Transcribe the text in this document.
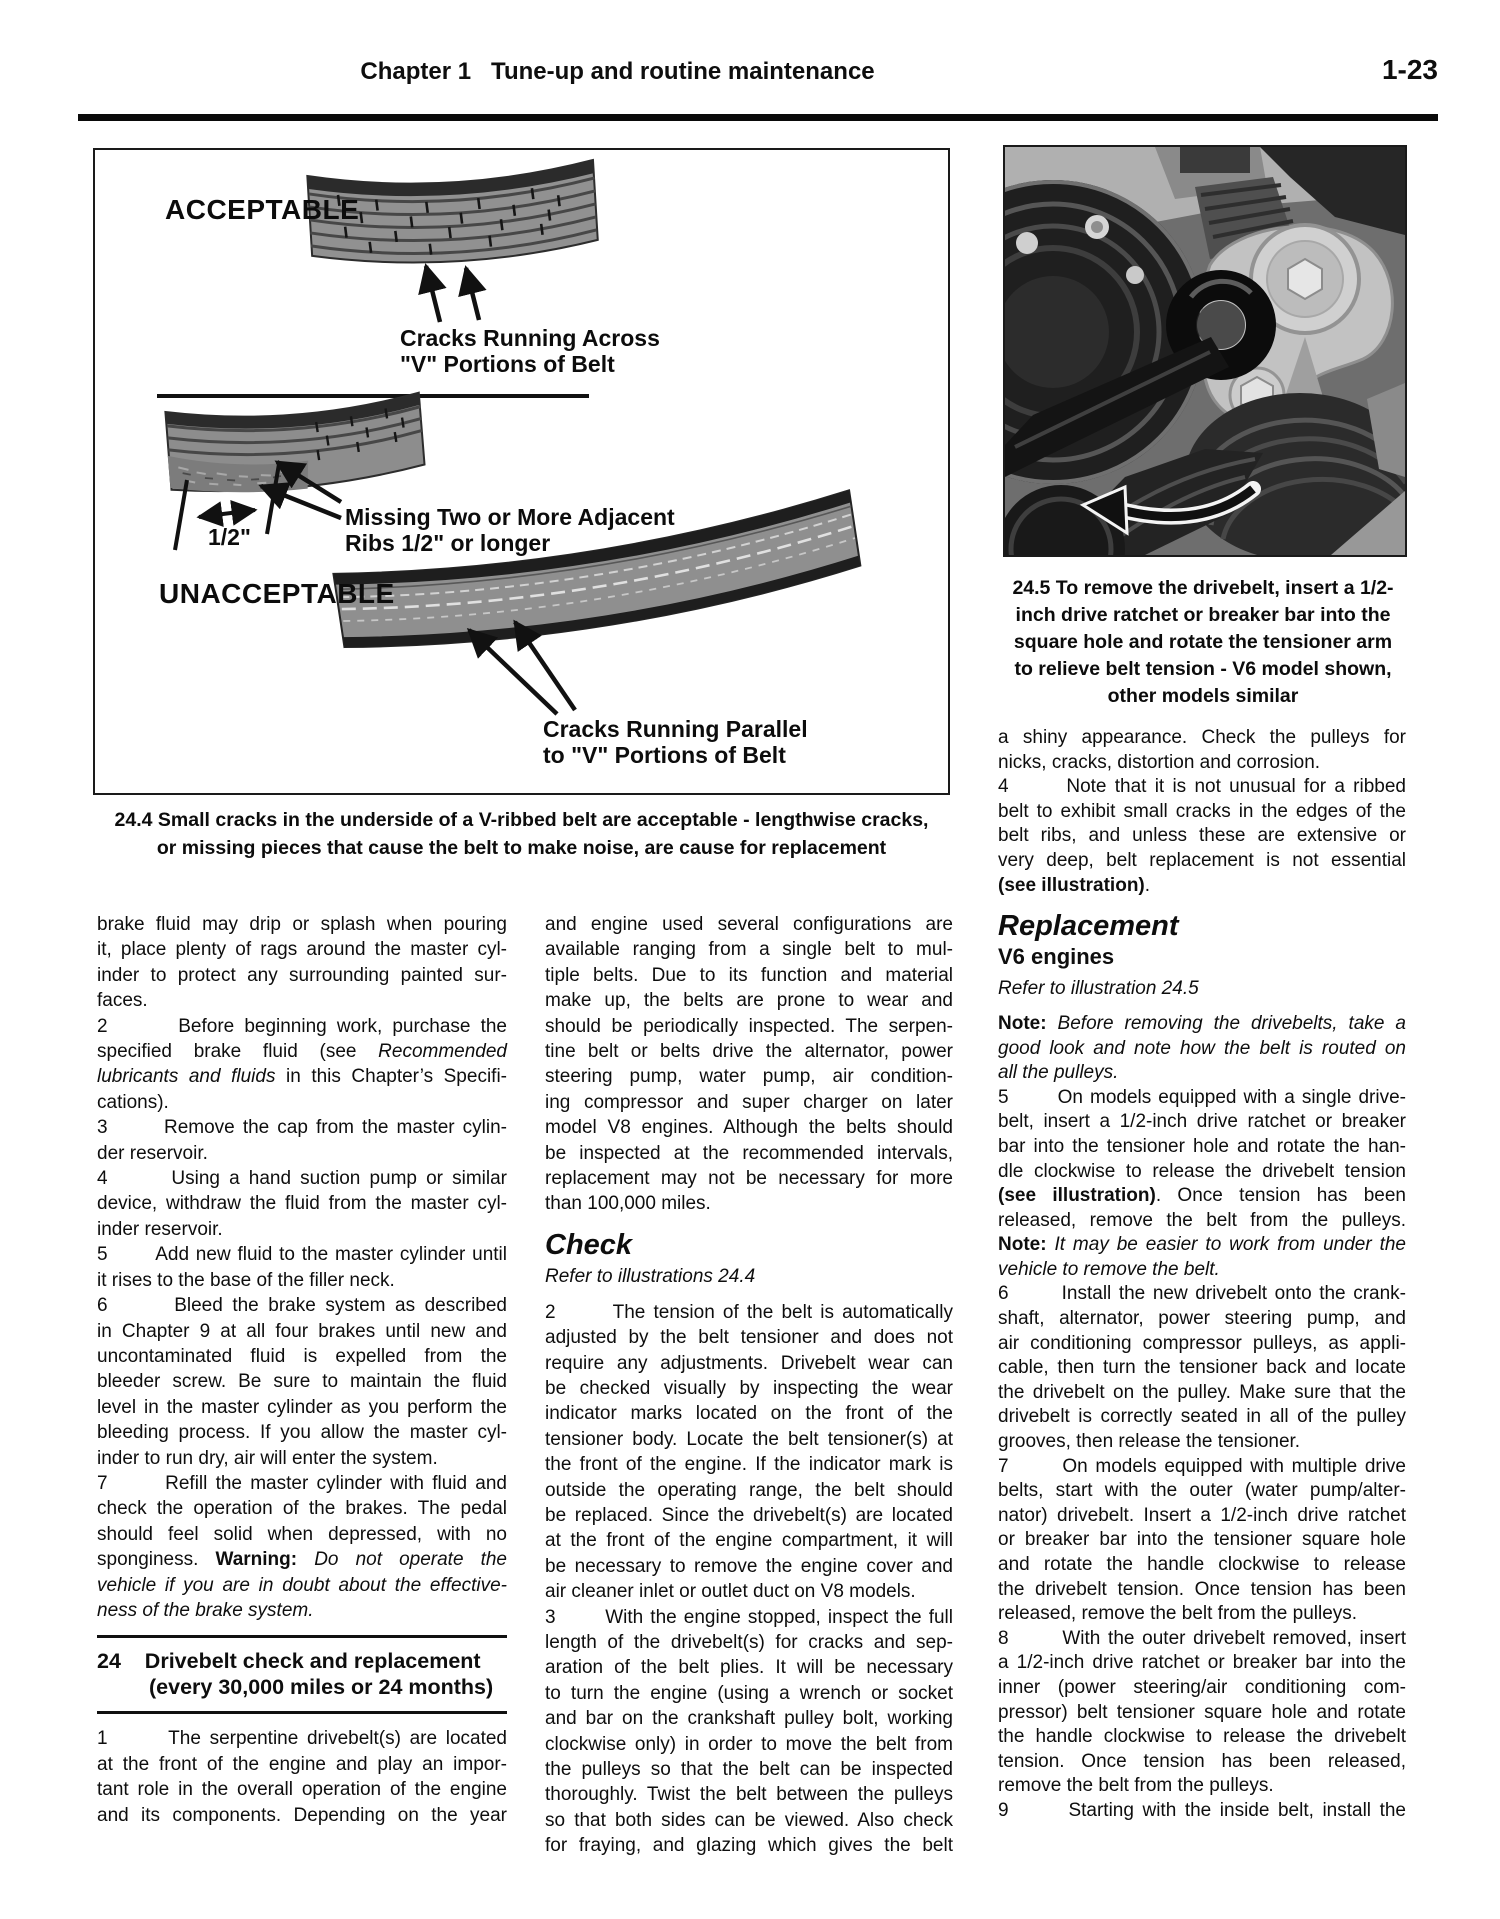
Chapter 1   Tune-up and routine maintenance	1-23
ACCEPTABLE
Cracks Running Across
"V" Portions of Belt
Missing Two or More Adjacent
Ribs 1/2" or longer
1/2"
UNACCEPTABLE
Cracks Running Parallel
to "V" Portions of Belt
24.4 Small cracks in the underside of a V-ribbed belt are acceptable - lengthwise cracks,
or missing pieces that cause the belt to make noise, are cause for replacement
24.5 To remove the drivebelt, insert a 1/2-
inch drive ratchet or breaker bar into the
square hole and rotate the tensioner arm
to relieve belt tension - V6 model shown,
other models similar
brake fluid may drip or splash when pouring
it, place plenty of rags around the master cyl-
inder to protect any surrounding painted sur-
faces.
2       Before beginning work, purchase the
specified brake fluid (see Recommended
lubricants and fluids in this Chapter’s Specifi-
cations).
3       Remove the cap from the master cylin-
der reservoir.
4       Using a hand suction pump or similar
device, withdraw the fluid from the master cyl-
inder reservoir.
5       Add new fluid to the master cylinder until
it rises to the base of the filler neck.
6       Bleed the brake system as described
in Chapter 9 at all four brakes until new and
uncontaminated fluid is expelled from the
bleeder screw. Be sure to maintain the fluid
level in the master cylinder as you perform the
bleeding process. If you allow the master cyl-
inder to run dry, air will enter the system.
7       Refill the master cylinder with fluid and
check the operation of the brakes. The pedal
should feel solid when depressed, with no
sponginess. Warning: Do not operate the
vehicle if you are in doubt about the effective-
ness of the brake system.
24    Drivebelt check and replacement
(every 30,000 miles or 24 months)
1       The serpentine drivebelt(s) are located
at the front of the engine and play an impor-
tant role in the overall operation of the engine
and its components. Depending on the year
and engine used several configurations are
available ranging from a single belt to mul-
tiple belts. Due to its function and material
make up, the belts are prone to wear and
should be periodically inspected. The serpen-
tine belt or belts drive the alternator, power
steering pump, water pump, air condition-
ing compressor and super charger on later
model V8 engines. Although the belts should
be inspected at the recommended intervals,
replacement may not be necessary for more
than 100,000 miles.
Check
Refer to illustrations 24.4
2       The tension of the belt is automatically
adjusted by the belt tensioner and does not
require any adjustments. Drivebelt wear can
be checked visually by inspecting the wear
indicator marks located on the front of the
tensioner body. Locate the belt tensioner(s) at
the front of the engine. If the indicator mark is
outside the operating range, the belt should
be replaced. Since the drivebelt(s) are located
at the front of the engine compartment, it will
be necessary to remove the engine cover and
air cleaner inlet or outlet duct on V8 models.
3       With the engine stopped, inspect the full
length of the drivebelt(s) for cracks and sep-
aration of the belt plies. It will be necessary
to turn the engine (using a wrench or socket
and bar on the crankshaft pulley bolt, working
clockwise only) in order to move the belt from
the pulleys so that the belt can be inspected
thoroughly. Twist the belt between the pulleys
so that both sides can be viewed. Also check
for fraying, and glazing which gives the belt
a shiny appearance. Check the pulleys for
nicks, cracks, distortion and corrosion.
4       Note that it is not unusual for a ribbed
belt to exhibit small cracks in the edges of the
belt ribs, and unless these are extensive or
very deep, belt replacement is not essential
(see illustration).
Replacement
V6 engines
Refer to illustration 24.5
Note: Before removing the drivebelts, take a
good look and note how the belt is routed on
all the pulleys.
5       On models equipped with a single drive-
belt, insert a 1/2-inch drive ratchet or breaker
bar into the tensioner hole and rotate the han-
dle clockwise to release the drivebelt tension
(see illustration). Once tension has been
released, remove the belt from the pulleys.
Note: It may be easier to work from under the
vehicle to remove the belt.
6       Install the new drivebelt onto the crank-
shaft, alternator, power steering pump, and
air conditioning compressor pulleys, as appli-
cable, then turn the tensioner back and locate
the drivebelt on the pulley. Make sure that the
drivebelt is correctly seated in all of the pulley
grooves, then release the tensioner.
7       On models equipped with multiple drive
belts, start with the outer (water pump/alter-
nator) drivebelt. Insert a 1/2-inch drive ratchet
or breaker bar into the tensioner square hole
and rotate the handle clockwise to release
the drivebelt tension. Once tension has been
released, remove the belt from the pulleys.
8       With the outer drivebelt removed, insert
a 1/2-inch drive ratchet or breaker bar into the
inner (power steering/air conditioning com-
pressor) belt tensioner square hole and rotate
the handle clockwise to release the drivebelt
tension. Once tension has been released,
remove the belt from the pulleys.
9       Starting with the inside belt, install the
